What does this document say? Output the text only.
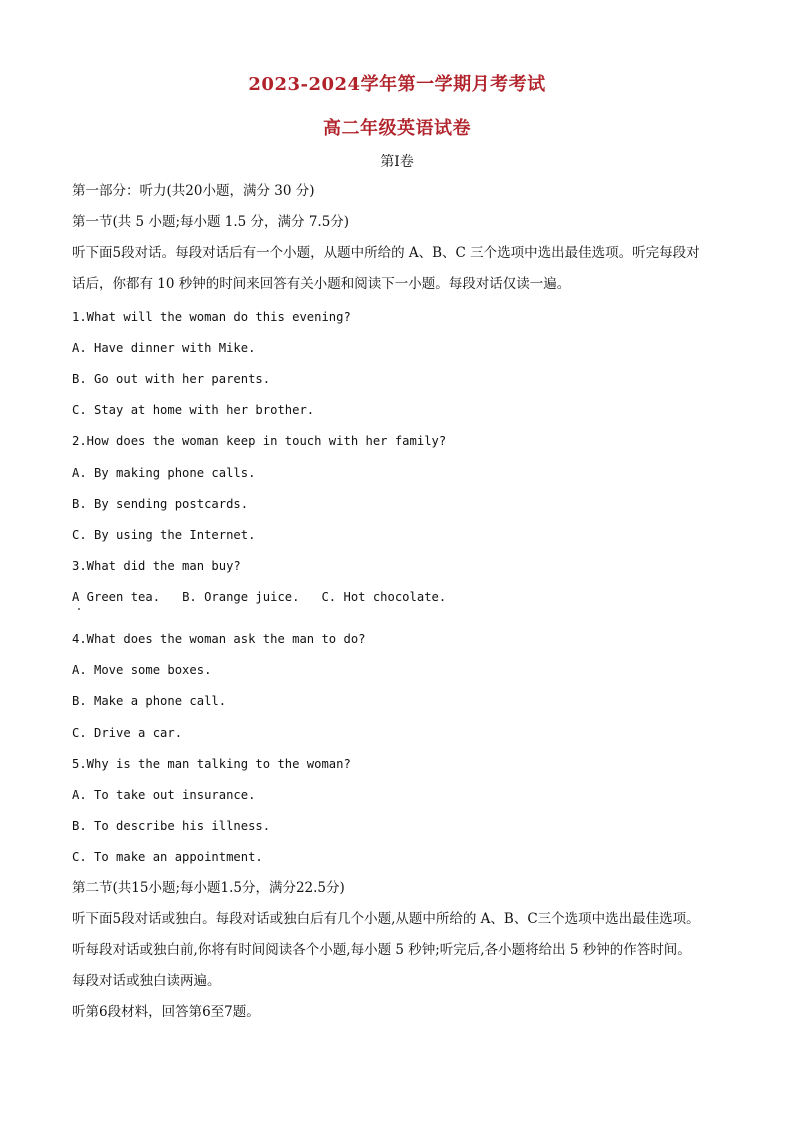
2023-2024学年第一学期月考考试
高二年级英语试卷

第Ⅰ卷

第一部分：听力(共20小题，满分 30 分)

第一节(共 5 小题;每小题 1.5 分，满分 7.5分)

听下面5段对话。每段对话后有一个小题，从题中所给的 A、B、C 三个选项中选出最佳选项。听完每段对

话后，你都有 10 秒钟的时间来回答有关小题和阅读下一小题。每段对话仅读一遍。

1.What will the woman do this evening?

A. Have dinner with Mike.

B. Go out with her parents.

C. Stay at home with her brother.

2.How does the woman keep in touch with her family?

A. By making phone calls.

B. By sending postcards.

C. By using the Internet.

3.What did the man buy?

A Green tea. B. Orange juice. C. Hot chocolate.

4.What does the woman ask the man to do?

A. Move some boxes.

B. Make a phone call.

C. Drive a car.

5.Why is the man talking to the woman?

A. To take out insurance.

B. To describe his illness.

C. To make an appointment.

第二节(共15小题;每小题1.5分，满分22.5分)

听下面5段对话或独白。每段对话或独白后有几个小题,从题中所给的 A、B、C三个选项中选出最佳选项。

听每段对话或独白前,你将有时间阅读各个小题,每小题 5 秒钟;听完后,各小题将给出 5 秒钟的作答时间。

每段对话或独白读两遍。

听第6段材料，回答第6至7题。
